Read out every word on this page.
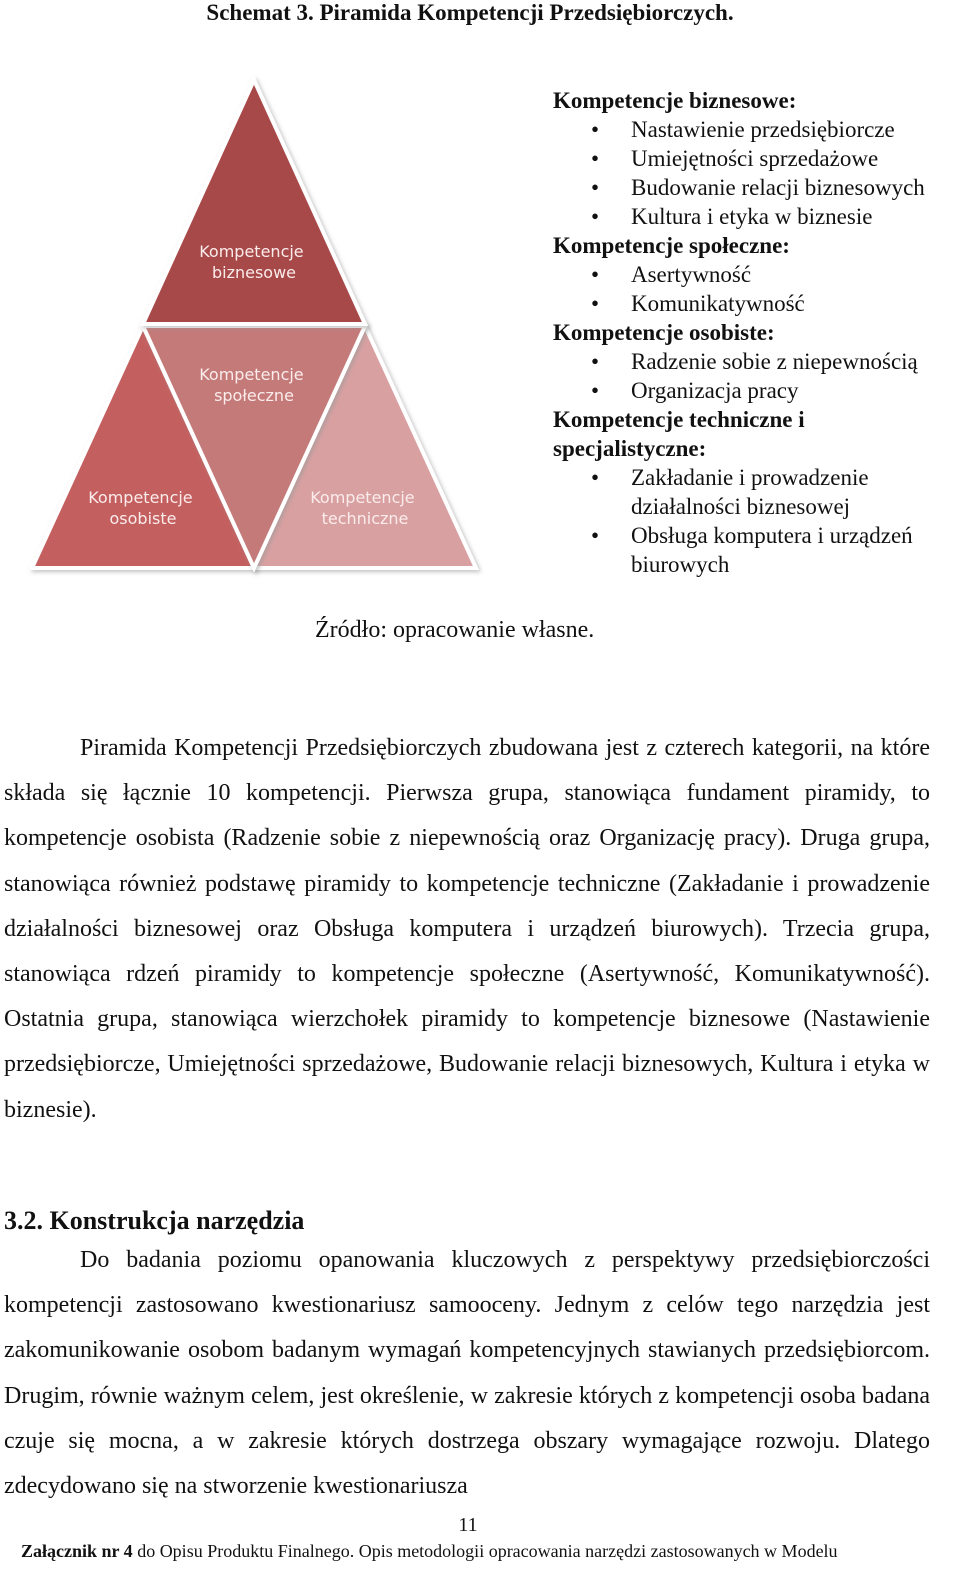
Schemat 3. Piramida Kompetencji Przedsiębiorczych.
Kompetencje biznesowe
Kompetencje społeczne
Kompetencje osobiste
Kompetencje techniczne
Kompetencje biznesowe:
• Nastawienie przedsiębiorcze
• Umiejętności sprzedażowe
• Budowanie relacji biznesowych
• Kultura i etyka w biznesie
Kompetencje społeczne:
• Asertywność
• Komunikatywność
Kompetencje osobiste:
• Radzenie sobie z niepewnością
• Organizacja pracy
Kompetencje techniczne i
specjalistyczne:
• Zakładanie i prowadzenie
działalności biznesowej
• Obsługa komputera i urządzeń
biurowych
Źródło: opracowanie własne.

Piramida Kompetencji Przedsiębiorczych zbudowana jest z czterech kategorii, na które składa się łącznie 10 kompetencji. Pierwsza grupa, stanowiąca fundament piramidy, to kompetencje osobista (Radzenie sobie z niepewnością oraz Organizację pracy). Druga grupa, stanowiąca również podstawę piramidy to kompetencje techniczne (Zakładanie i prowadzenie działalności biznesowej oraz Obsługa komputera i urządzeń biurowych). Trzecia grupa, stanowiąca rdzeń piramidy to kompetencje społeczne (Asertywność, Komunikatywność). Ostatnia grupa, stanowiąca wierzchołek piramidy to kompetencje biznesowe (Nastawienie przedsiębiorcze, Umiejętności sprzedażowe, Budowanie relacji biznesowych, Kultura i etyka w biznesie).

3.2. Konstrukcja narzędzia

Do badania poziomu opanowania kluczowych z perspektywy przedsiębiorczości kompetencji zastosowano kwestionariusz samooceny. Jednym z celów tego narzędzia jest zakomunikowanie osobom badanym wymagań kompetencyjnych stawianych przedsiębiorcom. Drugim, równie ważnym celem, jest określenie, w zakresie których z kompetencji osoba badana czuje się mocna, a w zakresie których dostrzega obszary wymagające rozwoju. Dlatego zdecydowano się na stworzenie kwestionariusza

11
Załącznik nr 4 do Opisu Produktu Finalnego. Opis metodologii opracowania narzędzi zastosowanych w Modelu
